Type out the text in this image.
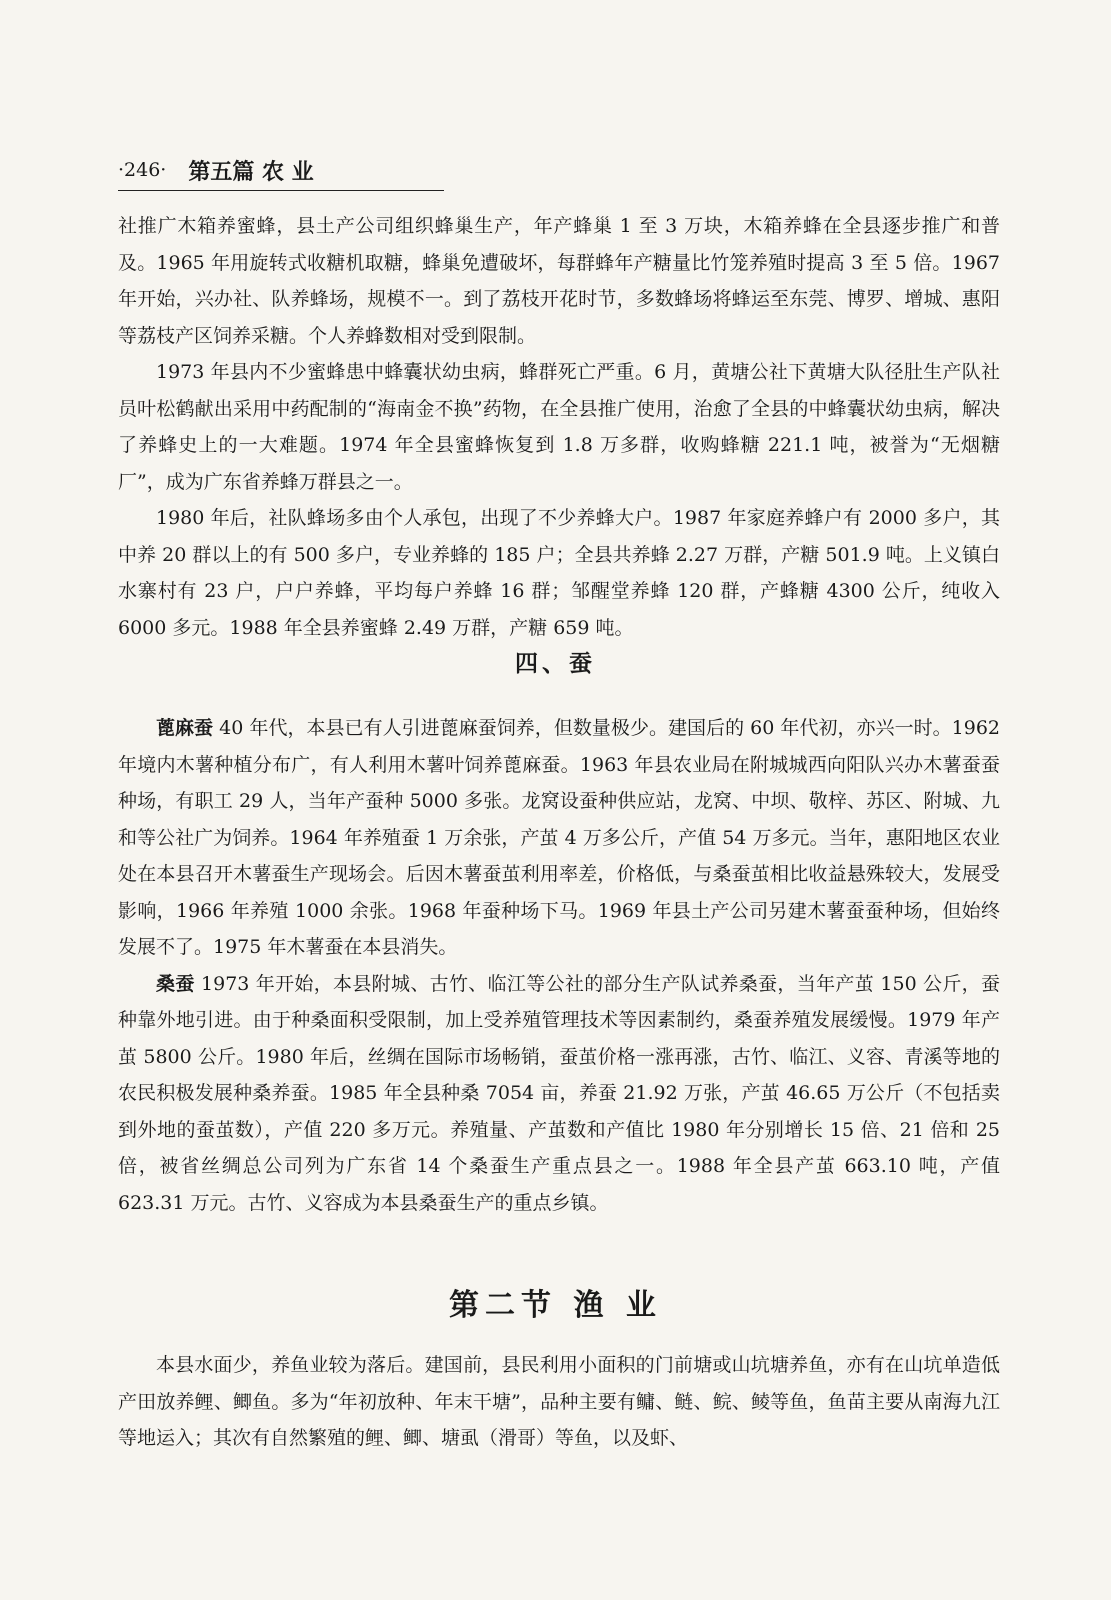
·246· 第五篇 农 业

社推广木箱养蜜蜂，县土产公司组织蜂巢生产，年产蜂巢 1 至 3 万块，木箱养蜂在全县逐步推广和普及。1965 年用旋转式收糖机取糖，蜂巢免遭破坏，每群蜂年产糖量比竹笼养殖时提高 3 至 5 倍。1967 年开始，兴办社、队养蜂场，规模不一。到了荔枝开花时节，多数蜂场将蜂运至东莞、博罗、增城、惠阳等荔枝产区饲养采糖。个人养蜂数相对受到限制。

1973 年县内不少蜜蜂患中蜂囊状幼虫病，蜂群死亡严重。6 月，黄塘公社下黄塘大队径肚生产队社员叶松鹤献出采用中药配制的“海南金不换”药物，在全县推广使用，治愈了全县的中蜂囊状幼虫病，解决了养蜂史上的一大难题。1974 年全县蜜蜂恢复到 1.8 万多群，收购蜂糖 221.1 吨，被誉为“无烟糖厂”，成为广东省养蜂万群县之一。

1980 年后，社队蜂场多由个人承包，出现了不少养蜂大户。1987 年家庭养蜂户有 2000 多户，其中养 20 群以上的有 500 多户，专业养蜂的 185 户；全县共养蜂 2.27 万群，产糖 501.9 吨。上义镇白水寨村有 23 户，户户养蜂，平均每户养蜂 16 群；邹醒堂养蜂 120 群，产蜂糖 4300 公斤，纯收入 6000 多元。1988 年全县养蜜蜂 2.49 万群，产糖 659 吨。

四、蚕

蓖麻蚕 40 年代，本县已有人引进蓖麻蚕饲养，但数量极少。建国后的 60 年代初，亦兴一时。1962 年境内木薯种植分布广，有人利用木薯叶饲养蓖麻蚕。1963 年县农业局在附城城西向阳队兴办木薯蚕蚕种场，有职工 29 人，当年产蚕种 5000 多张。龙窝设蚕种供应站，龙窝、中坝、敬梓、苏区、附城、九和等公社广为饲养。1964 年养殖蚕 1 万余张，产茧 4 万多公斤，产值 54 万多元。当年，惠阳地区农业处在本县召开木薯蚕生产现场会。后因木薯蚕茧利用率差，价格低，与桑蚕茧相比收益悬殊较大，发展受影响，1966 年养殖 1000 余张。1968 年蚕种场下马。1969 年县土产公司另建木薯蚕蚕种场，但始终发展不了。1975 年木薯蚕在本县消失。

桑蚕 1973 年开始，本县附城、古竹、临江等公社的部分生产队试养桑蚕，当年产茧 150 公斤，蚕种靠外地引进。由于种桑面积受限制，加上受养殖管理技术等因素制约，桑蚕养殖发展缓慢。1979 年产茧 5800 公斤。1980 年后，丝绸在国际市场畅销，蚕茧价格一涨再涨，古竹、临江、义容、青溪等地的农民积极发展种桑养蚕。1985 年全县种桑 7054 亩，养蚕 21.92 万张，产茧 46.65 万公斤（不包括卖到外地的蚕茧数），产值 220 多万元。养殖量、产茧数和产值比 1980 年分别增长 15 倍、21 倍和 25 倍，被省丝绸总公司列为广东省 14 个桑蚕生产重点县之一。1988 年全县产茧 663.10 吨，产值 623.31 万元。古竹、义容成为本县桑蚕生产的重点乡镇。

第二节 渔 业

本县水面少，养鱼业较为落后。建国前，县民利用小面积的门前塘或山坑塘养鱼，亦有在山坑单造低产田放养鲤、鲫鱼。多为“年初放种、年末干塘”，品种主要有鳙、鲢、鲩、鲮等鱼，鱼苗主要从南海九江等地运入；其次有自然繁殖的鲤、鲫、塘虱（滑哥）等鱼，以及虾、
